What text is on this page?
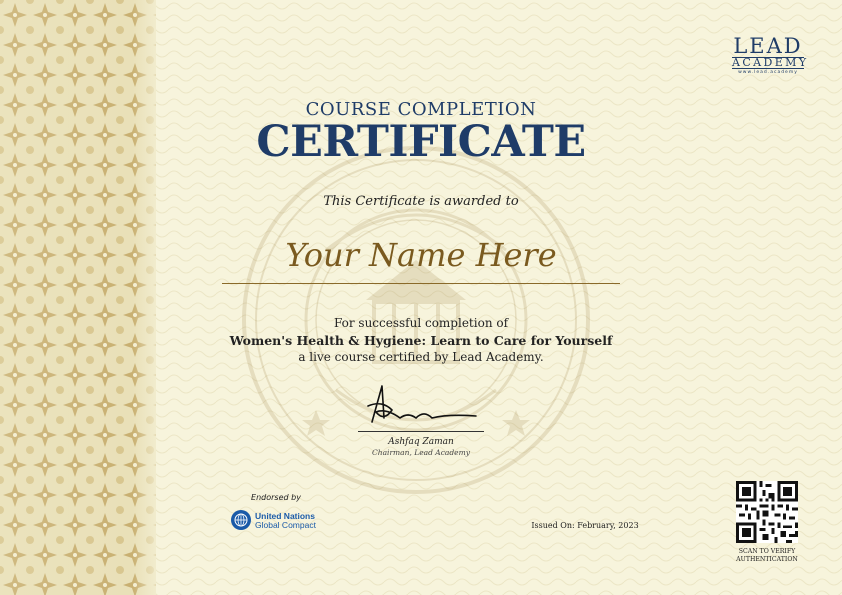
LEAD
ACADEMY
www.lead.academy
COURSE COMPLETION
CERTIFICATE
This Certificate is awarded to
Your Name Here
For successful completion of
Women's Health & Hygiene: Learn to Care for Yourself
a live course certified by Lead Academy.
Ashfaq Zaman
Chairman, Lead Academy
Endorsed by
United Nations
Global Compact	Issued On: February, 2023
SCAN TO VERIFY
AUTHENTICATION
